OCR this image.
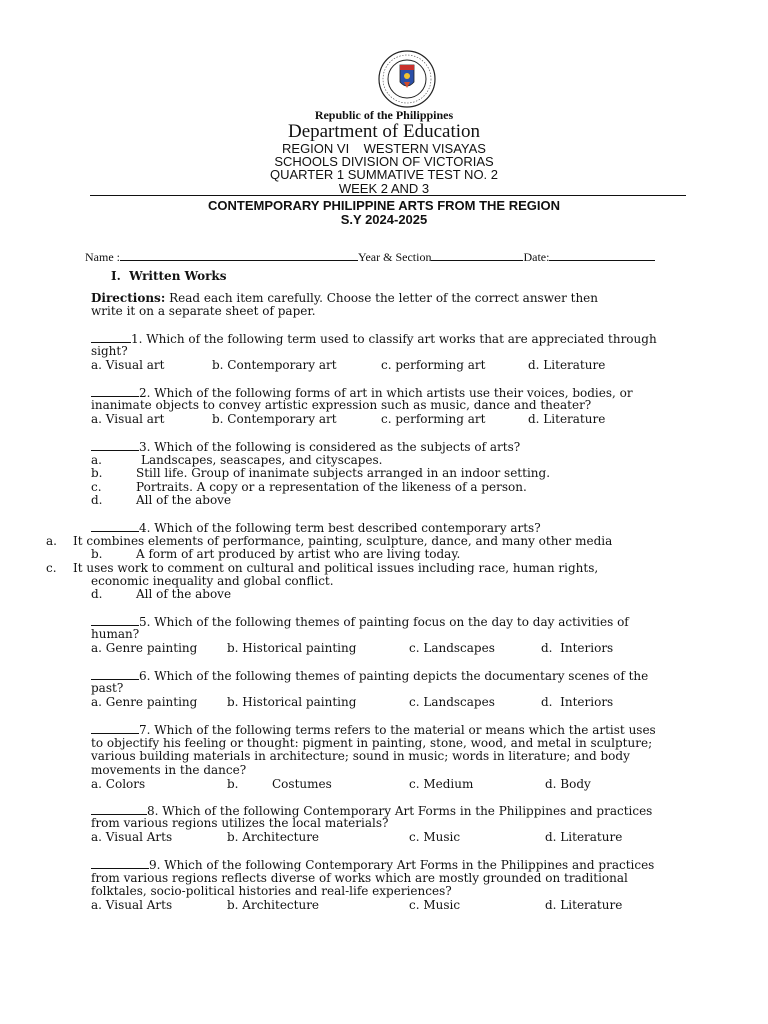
Republic of the Philippines
Department of Education
REGION VI    WESTERN VISAYAS
SCHOOLS DIVISION OF VICTORIAS
QUARTER 1 SUMMATIVE TEST NO. 2
WEEK 2 AND 3
CONTEMPORARY PHILIPPINE ARTS FROM THE REGION
S.Y 2024-2025
Name :	Year & Section	Date:
I. Written Works
Directions: Read each item carefully. Choose the letter of the correct answer then
write it on a separate sheet of paper.
1. Which of the following term used to classify art works that are appreciated through
sight?
a. Visual art	b. Contemporary art	c. performing art	d. Literature
2. Which of the following forms of art in which artists use their voices, bodies, or
inanimate objects to convey artistic expression such as music, dance and theater?
a. Visual art	b. Contemporary art	c. performing art	d. Literature
3. Which of the following is considered as the subjects of arts?
a.	Landscapes, seascapes, and cityscapes.
b.	Still life. Group of inanimate subjects arranged in an indoor setting.
c.	Portraits. A copy or a representation of the likeness of a person.
d.	All of the above
4. Which of the following term best described contemporary arts?
a. It combines elements of performance, painting, sculpture, dance, and many other media
b.	A form of art produced by artist who are living today.
c. It uses work to comment on cultural and political issues including race, human rights,
economic inequality and global conflict.
d.	All of the above
5. Which of the following themes of painting focus on the day to day activities of
human?
a. Genre painting b. Historical painting	c. Landscapes	d.  Interiors
6. Which of the following themes of painting depicts the documentary scenes of the
past?
a. Genre painting b. Historical painting	c. Landscapes	d.  Interiors
7. Which of the following terms refers to the material or means which the artist uses
to objectify his feeling or thought: pigment in painting, stone, wood, and metal in sculpture;
various building materials in architecture; sound in music; words in literature; and body
movements in the dance?
a. Colors	b.	Costumes	c. Medium	d. Body
8. Which of the following Contemporary Art Forms in the Philippines and practices
from various regions utilizes the local materials?
a. Visual Arts	b. Architecture	c. Music	d. Literature
9. Which of the following Contemporary Art Forms in the Philippines and practices
from various regions reflects diverse of works which are mostly grounded on traditional
folktales, socio-political histories and real-life experiences?
a. Visual Arts	b. Architecture	c. Music	d. Literature
